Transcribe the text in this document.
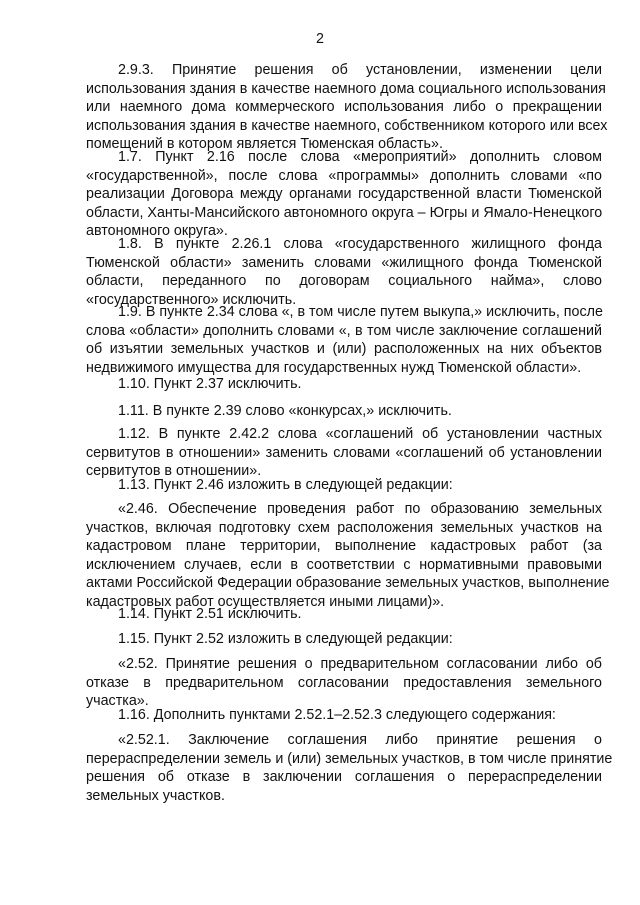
2
2.9.3. Принятие решения об установлении, изменении цели
использования здания в качестве наемного дома социального использования
или наемного дома коммерческого использования либо о прекращении
использования здания в качестве наемного, собственником которого или всех
помещений в котором является Тюменская область».
1.7. Пункт 2.16 после слова «мероприятий» дополнить словом
«государственной», после слова «программы» дополнить словами «по
реализации Договора между органами государственной власти Тюменской
области, Ханты-Мансийского автономного округа – Югры и Ямало-Ненецкого
автономного округа».
1.8. В пункте 2.26.1 слова «государственного жилищного фонда
Тюменской области» заменить словами «жилищного фонда Тюменской
области, переданного по договорам социального найма», слово
«государственного» исключить.
1.9. В пункте 2.34 слова «, в том числе путем выкупа,» исключить, после
слова «области» дополнить словами «, в том числе заключение соглашений
об изъятии земельных участков и (или) расположенных на них объектов
недвижимого имущества для государственных нужд Тюменской области».
1.10. Пункт 2.37 исключить.
1.11. В пункте 2.39 слово «конкурсах,» исключить.
1.12. В пункте 2.42.2 слова «соглашений об установлении частных
сервитутов в отношении» заменить словами «соглашений об установлении
сервитутов в отношении».
1.13. Пункт 2.46 изложить в следующей редакции:
«2.46. Обеспечение проведения работ по образованию земельных
участков, включая подготовку схем расположения земельных участков на
кадастровом плане территории, выполнение кадастровых работ (за
исключением случаев, если в соответствии с нормативными правовыми
актами Российской Федерации образование земельных участков, выполнение
кадастровых работ осуществляется иными лицами)».
1.14. Пункт 2.51 исключить.
1.15. Пункт 2.52 изложить в следующей редакции:
«2.52. Принятие решения о предварительном согласовании либо об
отказе в предварительном согласовании предоставления земельного
участка».
1.16. Дополнить пунктами 2.52.1–2.52.3 следующего содержания:
«2.52.1. Заключение соглашения либо принятие решения о
перераспределении земель и (или) земельных участков, в том числе принятие
решения об отказе в заключении соглашения о перераспределении
земельных участков.
